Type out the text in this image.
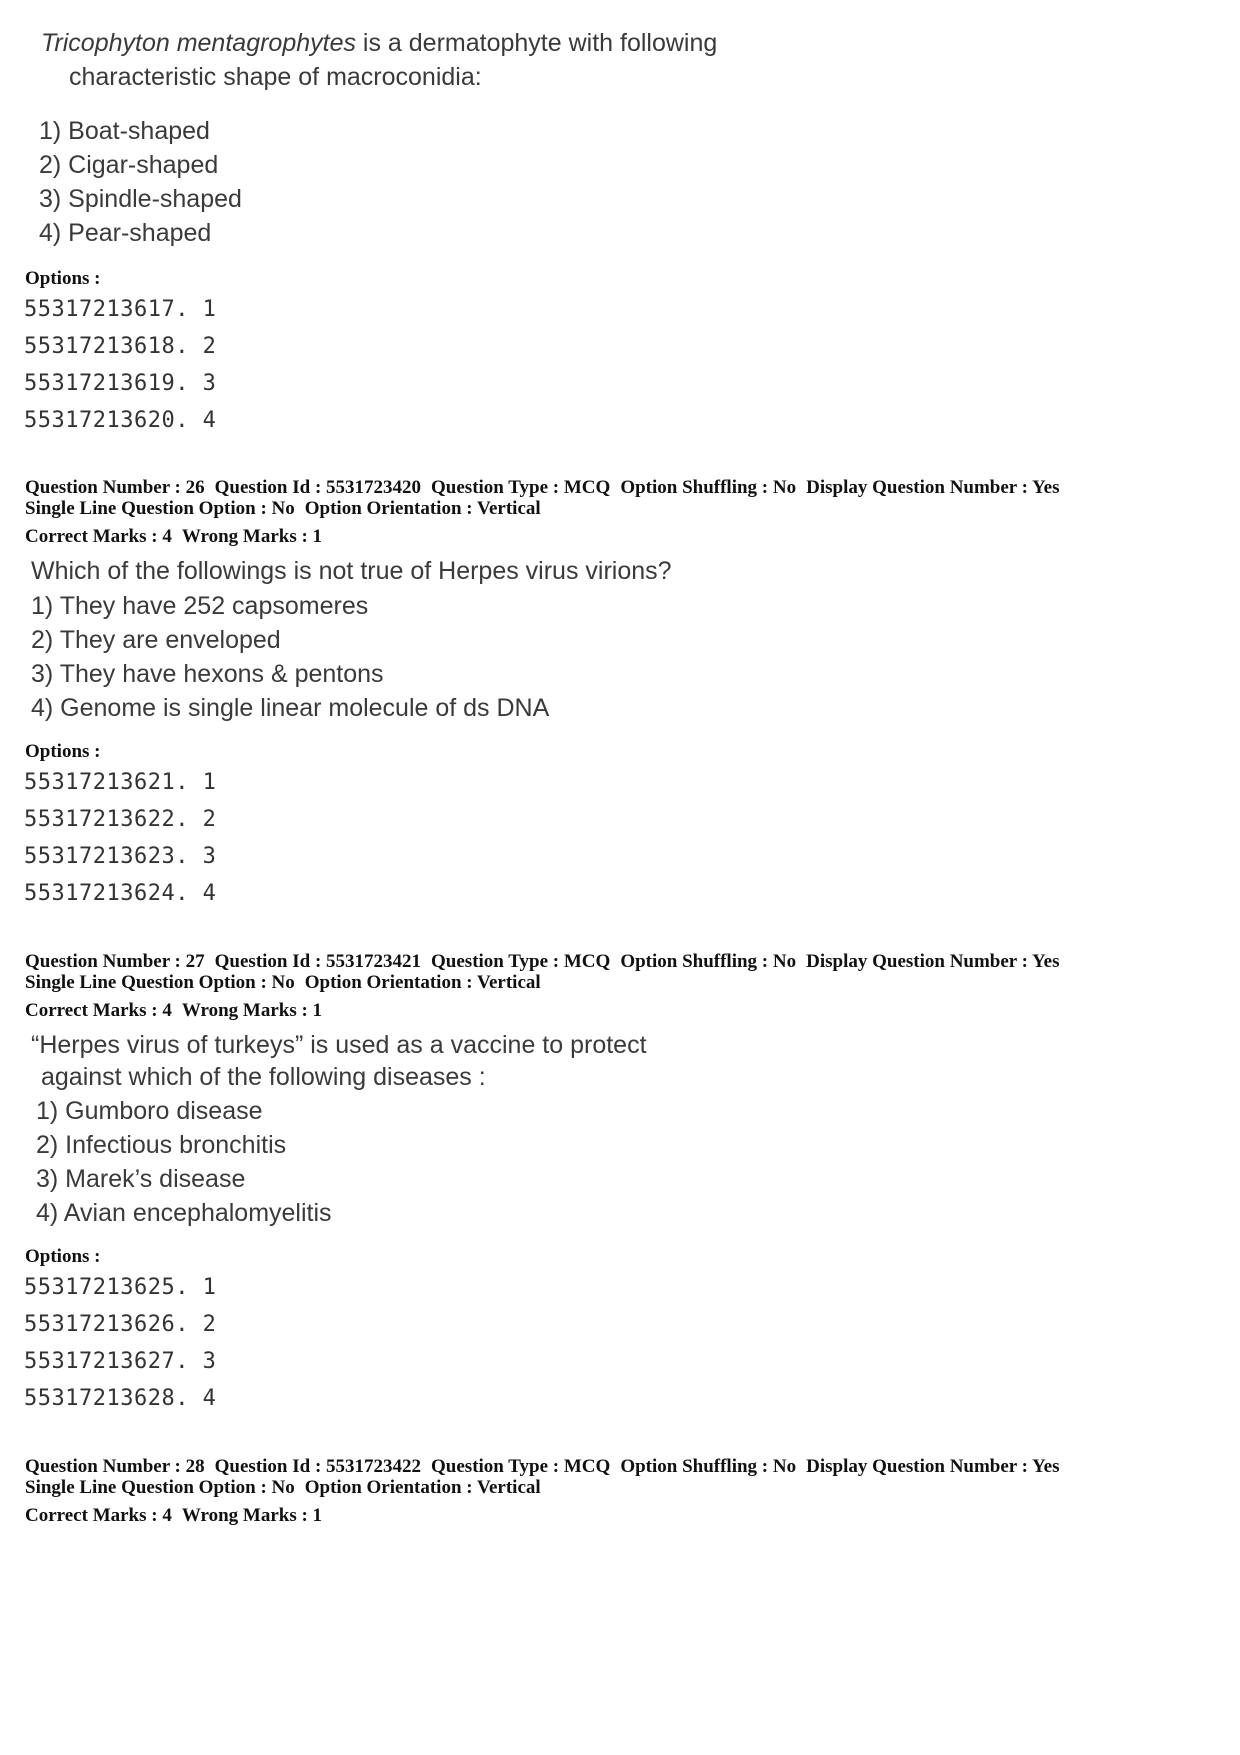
Tricophyton mentagrophytes is a dermatophyte with following
characteristic shape of macroconidia:
1) Boat-shaped
2) Cigar-shaped
3) Spindle-shaped
4) Pear-shaped
Options :
55317213617. 1
55317213618. 2
55317213619. 3
55317213620. 4
Question Number : 26 Question Id : 5531723420 Question Type : MCQ Option Shuffling : No Display Question Number : Yes
Single Line Question Option : No Option Orientation : Vertical
Correct Marks : 4 Wrong Marks : 1
Which of the followings is not true of Herpes virus virions?
1) They have 252 capsomeres
2) They are enveloped
3) They have hexons & pentons
4) Genome is single linear molecule of ds DNA
Options :
55317213621. 1
55317213622. 2
55317213623. 3
55317213624. 4
Question Number : 27 Question Id : 5531723421 Question Type : MCQ Option Shuffling : No Display Question Number : Yes
Single Line Question Option : No Option Orientation : Vertical
Correct Marks : 4 Wrong Marks : 1
“Herpes virus of turkeys” is used as a vaccine to protect
against which of the following diseases :
1) Gumboro disease
2) Infectious bronchitis
3) Marek’s disease
4) Avian encephalomyelitis
Options :
55317213625. 1
55317213626. 2
55317213627. 3
55317213628. 4
Question Number : 28 Question Id : 5531723422 Question Type : MCQ Option Shuffling : No Display Question Number : Yes
Single Line Question Option : No Option Orientation : Vertical
Correct Marks : 4 Wrong Marks : 1
